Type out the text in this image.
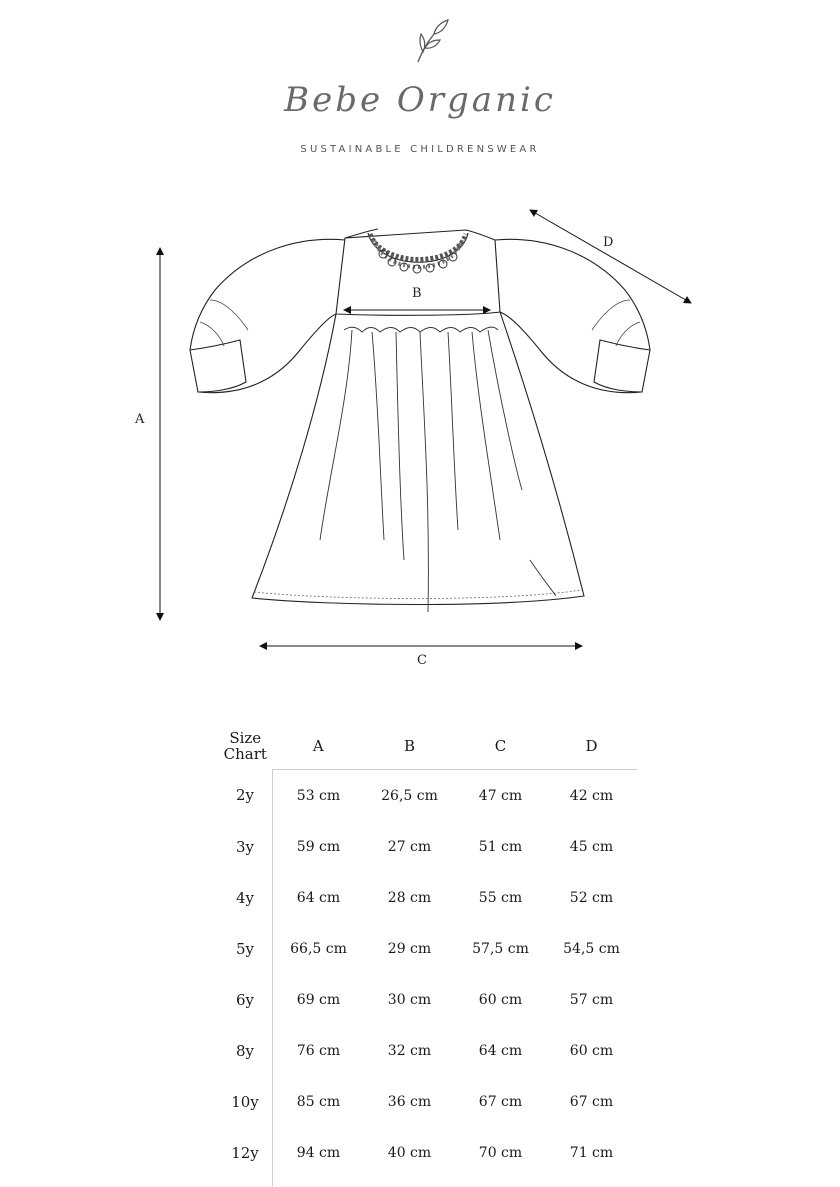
Bebe Organic
SUSTAINABLE CHILDRENSWEAR
A
B
C
D
Size
Chart	A	B	C	D
2y	53 cm	26,5 cm	47 cm	42 cm
3y	59 cm	27 cm	51 cm	45 cm
4y	64 cm	28 cm	55 cm	52 cm
5y	66,5 cm	29 cm	57,5 cm	54,5 cm
6y	69 cm	30 cm	60 cm	57 cm
8y	76 cm	32 cm	64 cm	60 cm
10y	85 cm	36 cm	67 cm	67 cm
12y	94 cm	40 cm	70 cm	71 cm
